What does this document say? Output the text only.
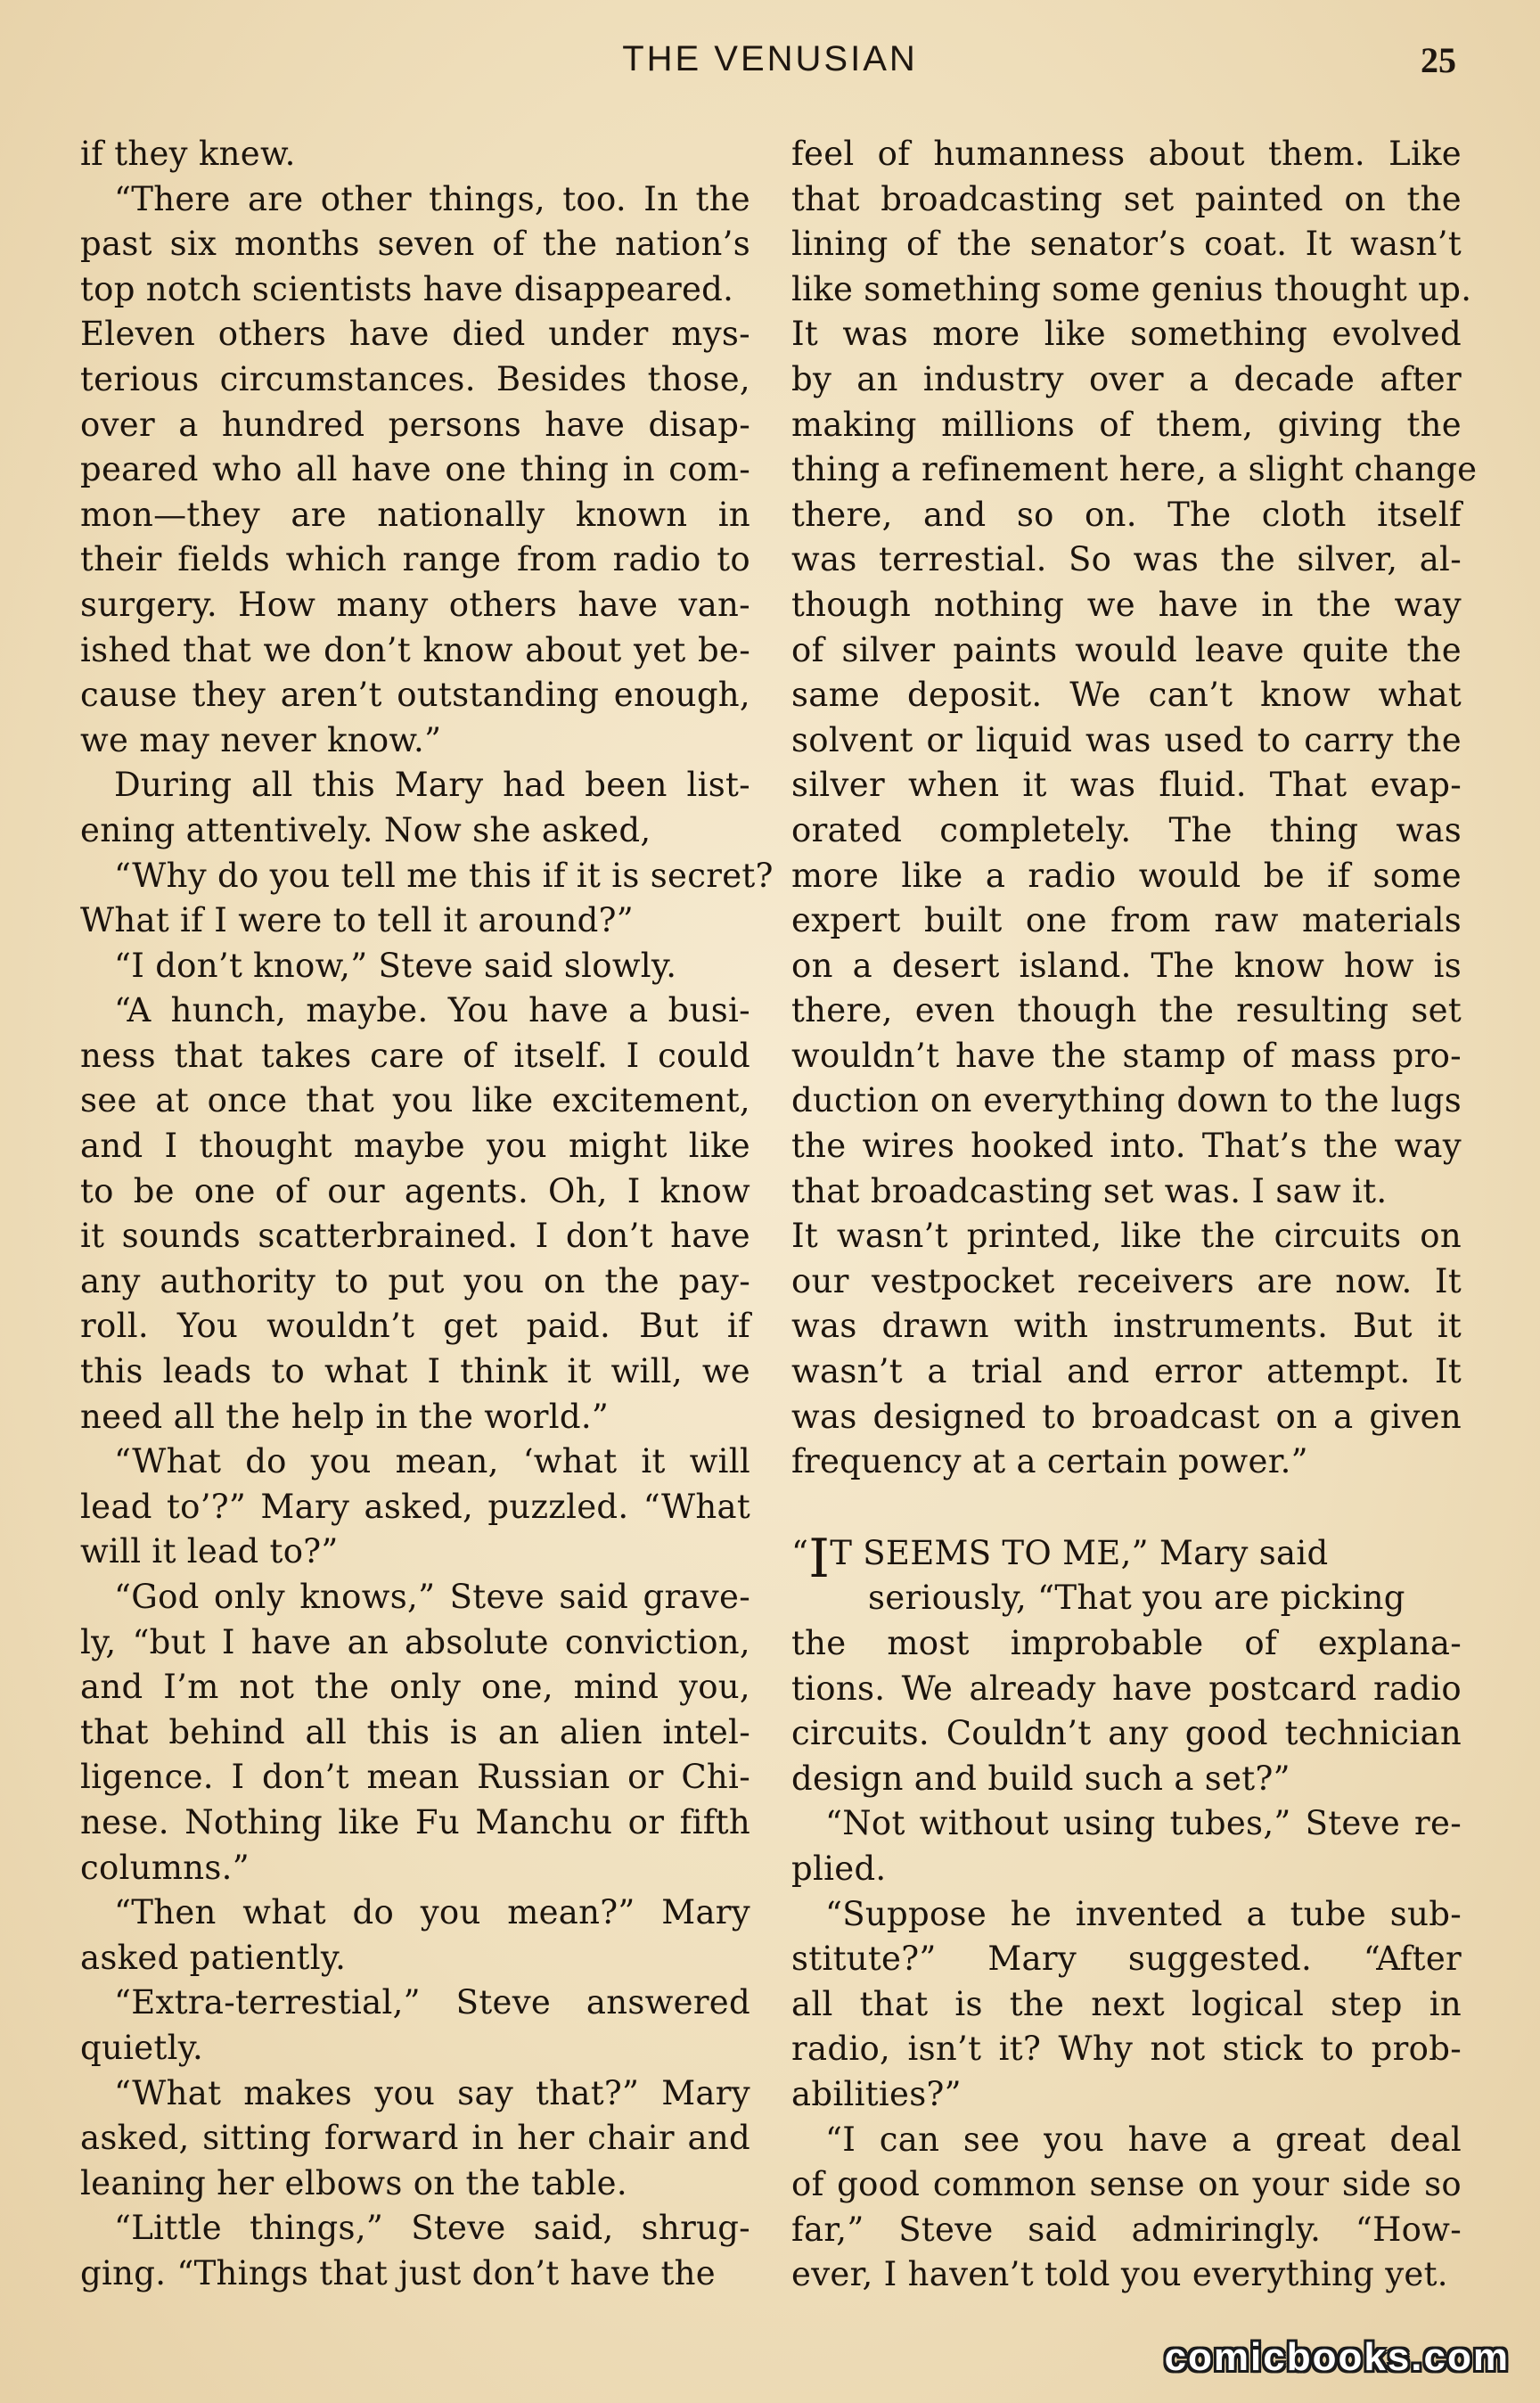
THE VENUSIAN	25
if they knew.
“There are other things, too. In the
past six months seven of the nation’s
top notch scientists have disappeared.
Eleven others have died under mys-
terious circumstances. Besides those,
over a hundred persons have disap-
peared who all have one thing in com-
mon—they are nationally known in
their fields which range from radio to
surgery. How many others have van-
ished that we don’t know about yet be-
cause they aren’t outstanding enough,
we may never know.”
During all this Mary had been list-
ening attentively. Now she asked,
“Why do you tell me this if it is secret?
What if I were to tell it around?”
“I don’t know,” Steve said slowly.
“A hunch, maybe. You have a busi-
ness that takes care of itself. I could
see at once that you like excitement,
and I thought maybe you might like
to be one of our agents. Oh, I know
it sounds scatterbrained. I don’t have
any authority to put you on the pay-
roll. You wouldn’t get paid. But if
this leads to what I think it will, we
need all the help in the world.”
“What do you mean, ‘what it will
lead to’?” Mary asked, puzzled. “What
will it lead to?”
“God only knows,” Steve said grave-
ly, “but I have an absolute conviction,
and I’m not the only one, mind you,
that behind all this is an alien intel-
ligence. I don’t mean Russian or Chi-
nese. Nothing like Fu Manchu or fifth
columns.”
“Then what do you mean?” Mary
asked patiently.
“Extra-terrestial,” Steve answered
quietly.
“What makes you say that?” Mary
asked, sitting forward in her chair and
leaning her elbows on the table.
“Little things,” Steve said, shrug-
ging. “Things that just don’t have the
feel of humanness about them. Like
that broadcasting set painted on the
lining of the senator’s coat. It wasn’t
like something some genius thought up.
It was more like something evolved
by an industry over a decade after
making millions of them, giving the
thing a refinement here, a slight change
there, and so on. The cloth itself
was terrestial. So was the silver, al-
though nothing we have in the way
of silver paints would leave quite the
same deposit. We can’t know what
solvent or liquid was used to carry the
silver when it was fluid. That evap-
orated completely. The thing was
more like a radio would be if some
expert built one from raw materials
on a desert island. The know how is
there, even though the resulting set
wouldn’t have the stamp of mass pro-
duction on everything down to the lugs
the wires hooked into. That’s the way
that broadcasting set was. I saw it.
It wasn’t printed, like the circuits on
our vestpocket receivers are now. It
was drawn with instruments. But it
wasn’t a trial and error attempt. It
was designed to broadcast on a given
frequency at a certain power.”
“IT SEEMS TO ME,” Mary said
seriously, “That you are picking
the most improbable of explana-
tions. We already have postcard radio
circuits. Couldn’t any good technician
design and build such a set?”
“Not without using tubes,” Steve re-
plied.
“Suppose he invented a tube sub-
stitute?” Mary suggested. “After
all that is the next logical step in
radio, isn’t it? Why not stick to prob-
abilities?”
“I can see you have a great deal
of good common sense on your side so
far,” Steve said admiringly. “How-
ever, I haven’t told you everything yet.
comicbooks.com
